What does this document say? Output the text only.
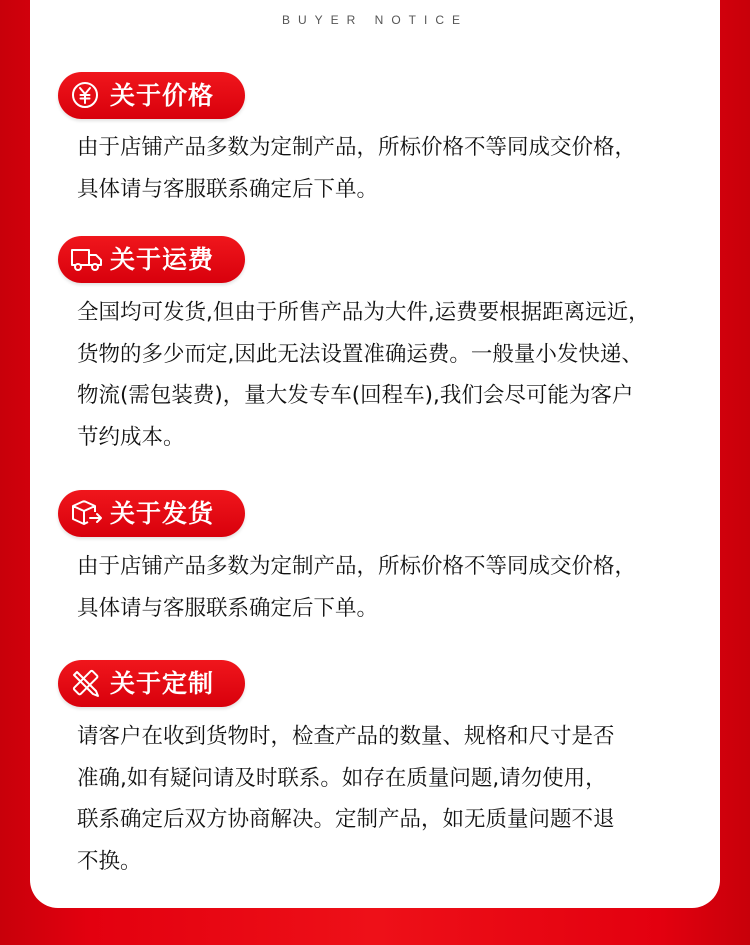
BUYER NOTICE
关于价格
由于店铺产品多数为定制产品，所标价格不等同成交价格，
具体请与客服联系确定后下单。
关于运费
全国均可发货,但由于所售产品为大件,运费要根据距离远近，
货物的多少而定,因此无法设置准确运费。一般量小发快递、
物流(需包装费)，量大发专车(回程车),我们会尽可能为客户
节约成本。
关于发货
由于店铺产品多数为定制产品，所标价格不等同成交价格，
具体请与客服联系确定后下单。
关于定制
请客户在收到货物时，检查产品的数量、规格和尺寸是否
准确,如有疑问请及时联系。如存在质量问题,请勿使用，
联系确定后双方协商解决。定制产品，如无质量问题不退
不换。
